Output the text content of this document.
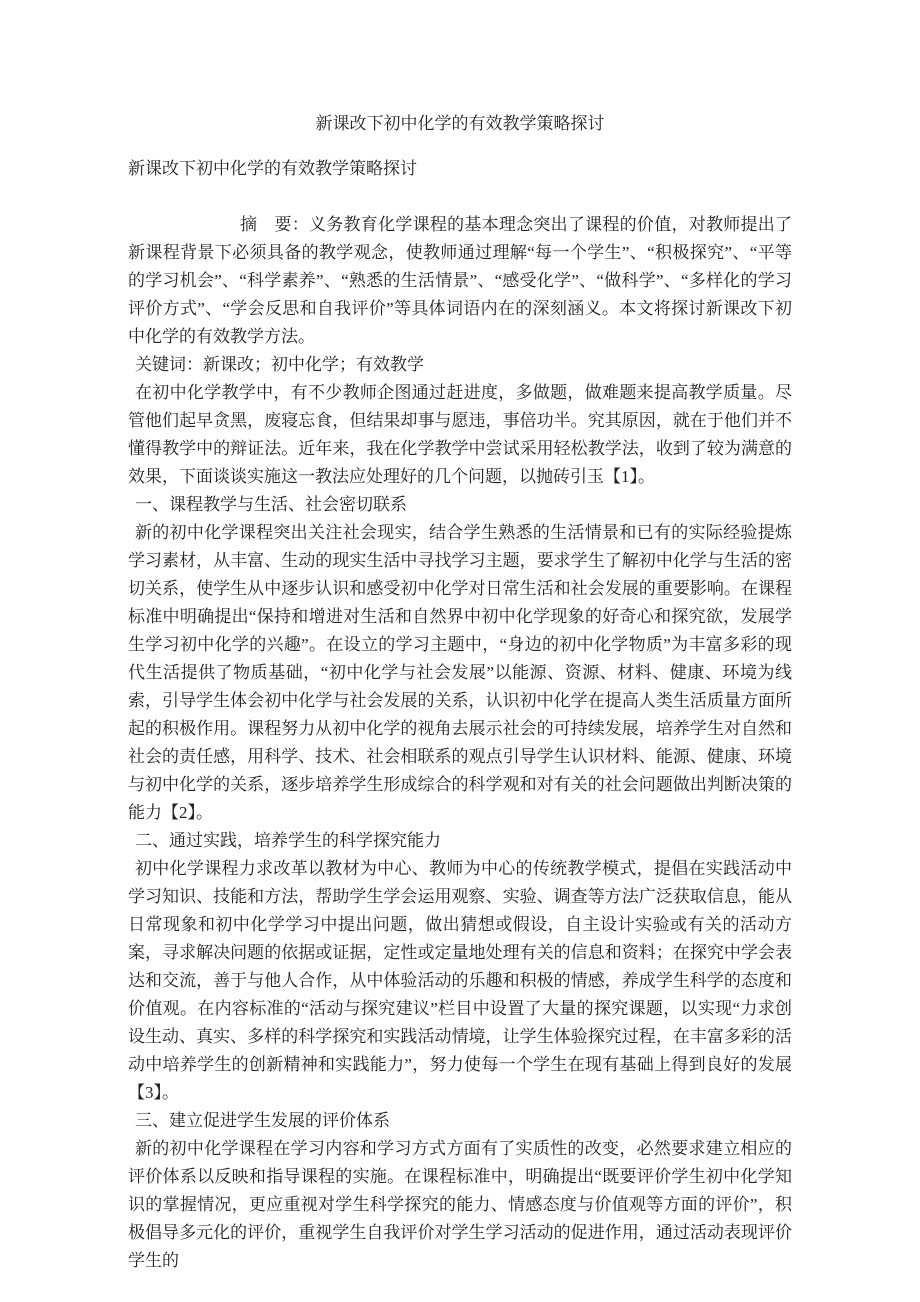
新课改下初中化学的有效教学策略探讨
新课改下初中化学的有效教学策略探讨

摘　要：义务教育化学课程的基本理念突出了课程的价值，对教师提出了新课程背景下必须具备的教学观念，使教师通过理解“每一个学生”、“积极探究”、“平等的学习机会”、“科学素养”、“熟悉的生活情景”、“感受化学”、“做科学”、“多样化的学习评价方式”、“学会反思和自我评价”等具体词语内在的深刻涵义。本文将探讨新课改下初中化学的有效教学方法。

关键词：新课改；初中化学；有效教学

在初中化学教学中，有不少教师企图通过赶进度，多做题，做难题来提高教学质量。尽管他们起早贪黑，废寝忘食，但结果却事与愿违，事倍功半。究其原因，就在于他们并不懂得教学中的辩证法。近年来，我在化学教学中尝试采用轻松教学法，收到了较为满意的效果，下面谈谈实施这一教法应处理好的几个问题，以抛砖引玉【1】。

一、课程教学与生活、社会密切联系

新的初中化学课程突出关注社会现实，结合学生熟悉的生活情景和已有的实际经验提炼学习素材，从丰富、生动的现实生活中寻找学习主题，要求学生了解初中化学与生活的密切关系，使学生从中逐步认识和感受初中化学对日常生活和社会发展的重要影响。在课程标准中明确提出“保持和增进对生活和自然界中初中化学现象的好奇心和探究欲，发展学生学习初中化学的兴趣”。在设立的学习主题中，“身边的初中化学物质”为丰富多彩的现代生活提供了物质基础，“初中化学与社会发展”以能源、资源、材料、健康、环境为线索，引导学生体会初中化学与社会发展的关系，认识初中化学在提高人类生活质量方面所起的积极作用。课程努力从初中化学的视角去展示社会的可持续发展，培养学生对自然和社会的责任感，用科学、技术、社会相联系的观点引导学生认识材料、能源、健康、环境与初中化学的关系，逐步培养学生形成综合的科学观和对有关的社会问题做出判断决策的能力【2】。

二、通过实践，培养学生的科学探究能力

初中化学课程力求改革以教材为中心、教师为中心的传统教学模式，提倡在实践活动中学习知识、技能和方法，帮助学生学会运用观察、实验、调查等方法广泛获取信息，能从日常现象和初中化学学习中提出问题，做出猜想或假设，自主设计实验或有关的活动方案，寻求解决问题的依据或证据，定性或定量地处理有关的信息和资料；在探究中学会表达和交流，善于与他人合作，从中体验活动的乐趣和积极的情感，养成学生科学的态度和价值观。在内容标准的“活动与探究建议”栏目中设置了大量的探究课题，以实现“力求创设生动、真实、多样的科学探究和实践活动情境，让学生体验探究过程，在丰富多彩的活动中培养学生的创新精神和实践能力”，努力使每一个学生在现有基础上得到良好的发展【3】。

三、建立促进学生发展的评价体系

新的初中化学课程在学习内容和学习方式方面有了实质性的改变，必然要求建立相应的评价体系以反映和指导课程的实施。在课程标准中，明确提出“既要评价学生初中化学知识的掌握情况，更应重视对学生科学探究的能力、情感态度与价值观等方面的评价”，积极倡导多元化的评价，重视学生自我评价对学生学习活动的促进作用，通过活动表现评价学生的
